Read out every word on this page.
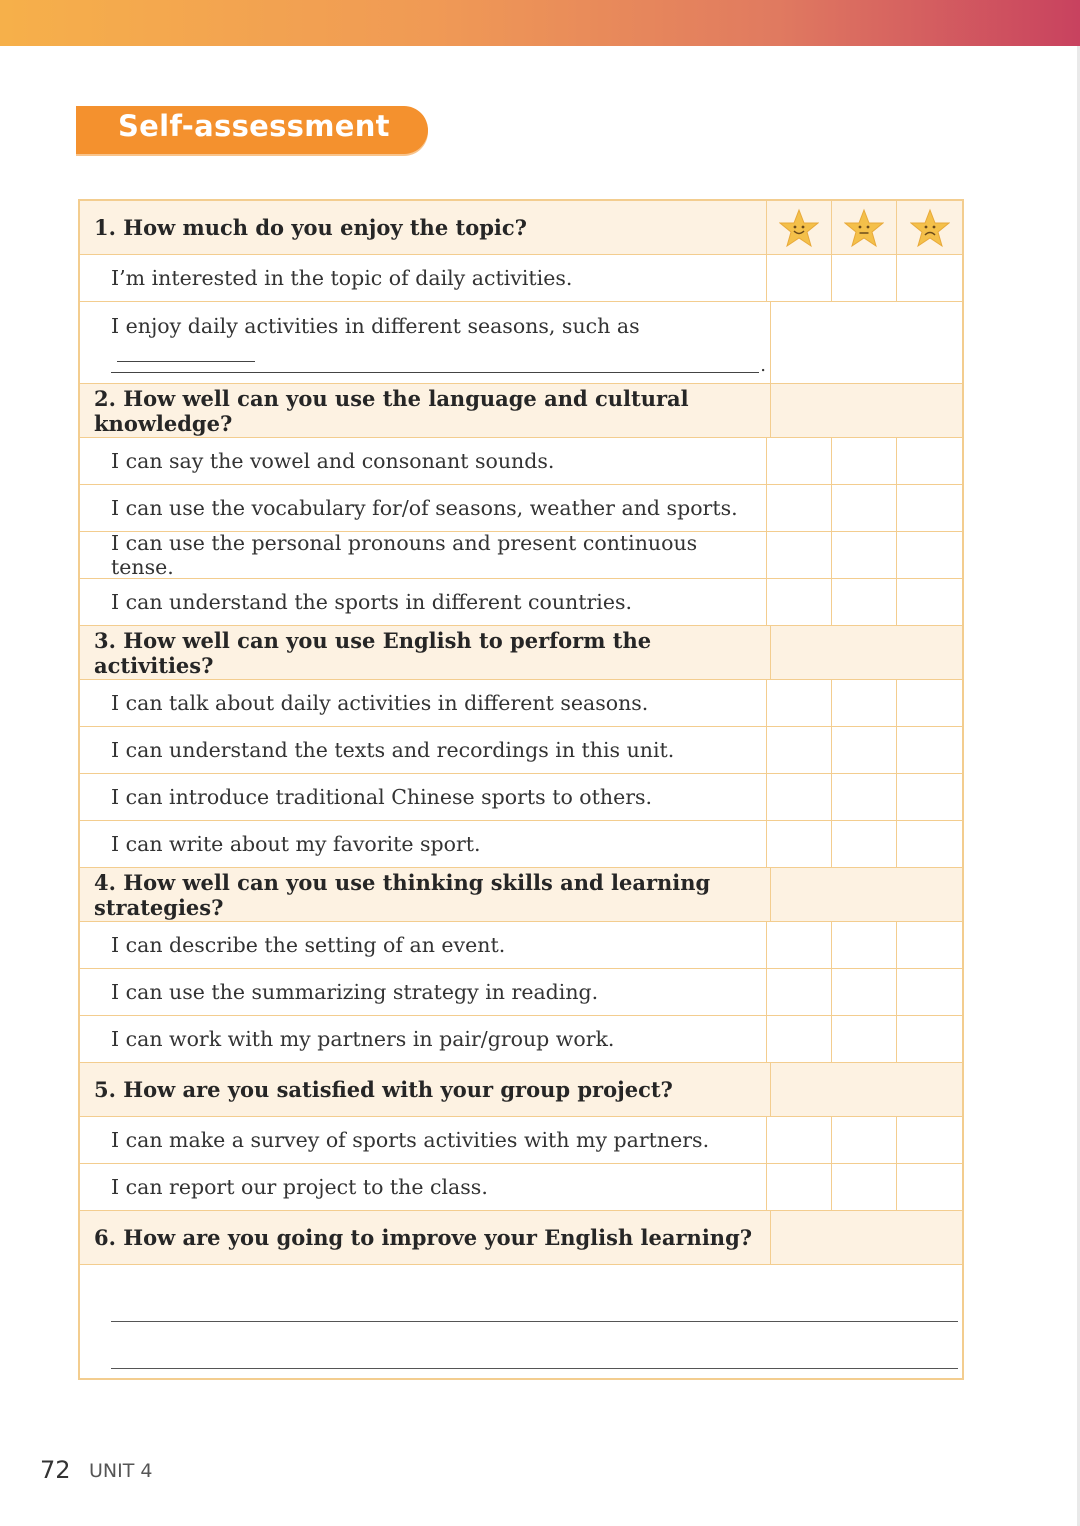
Self-assessment
1. How much do you enjoy the topic?
I’m interested in the topic of daily activities.
I enjoy daily activities in different seasons, such as
.
2. How well can you use the language and cultural knowledge?
I can say the vowel and consonant sounds.
I can use the vocabulary for/of seasons, weather and sports.
I can use the personal pronouns and present continuous tense.
I can understand the sports in different countries.
3. How well can you use English to perform the activities?
I can talk about daily activities in different seasons.
I can understand the texts and recordings in this unit.
I can introduce traditional Chinese sports to others.
I can write about my favorite sport.
4. How well can you use thinking skills and learning strategies?
I can describe the setting of an event.
I can use the summarizing strategy in reading.
I can work with my partners in pair/group work.
5. How are you satisfied with your group project?
I can make a survey of sports activities with my partners.
I can report our project to the class.
6. How are you going to improve your English learning?
72 UNIT 4
